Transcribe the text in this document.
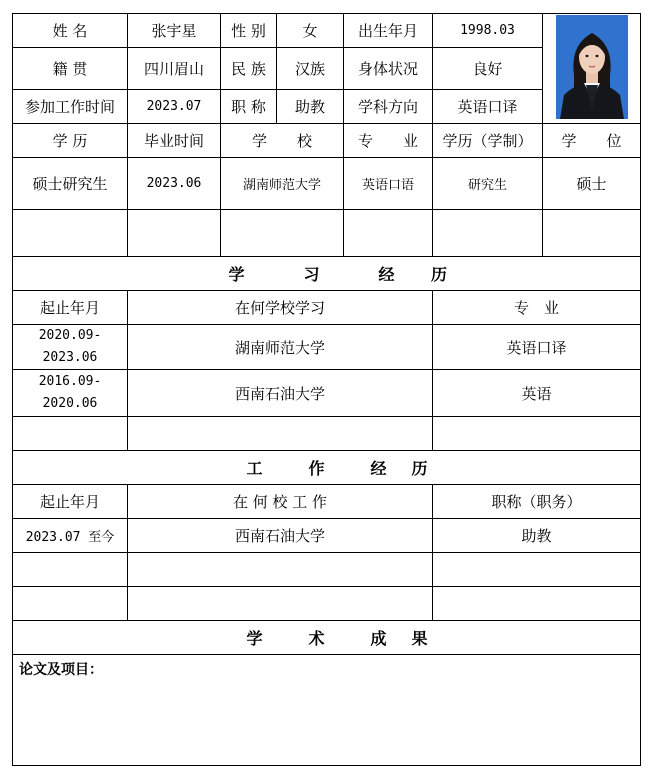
姓 名	张宇星	性 别	女	出生年月	1998.03	

籍 贯	四川眉山	民 族	汉族	身体状况	良好	
参加工作时间	2023.07	职 称	助教	学科方向	英语口译	
学 历	毕业时间	学　　校		专　　业	学历（学制）	学　　位
硕士研究生	2023.06	湖南师范大学		英语口语	研究生	硕士

学 习 经 历						
起止年月	在何学校学习				专　业	
2020.09-2023.06	湖南师范大学				英语口译	
2016.09-2020.06	西南石油大学				英语	

工 作 经 历						
起止年月	在 何 校 工 作				职称（职务）	
2023.07 至今	西南石油大学				助教	

学 术 成 果						
论文及项目：						
